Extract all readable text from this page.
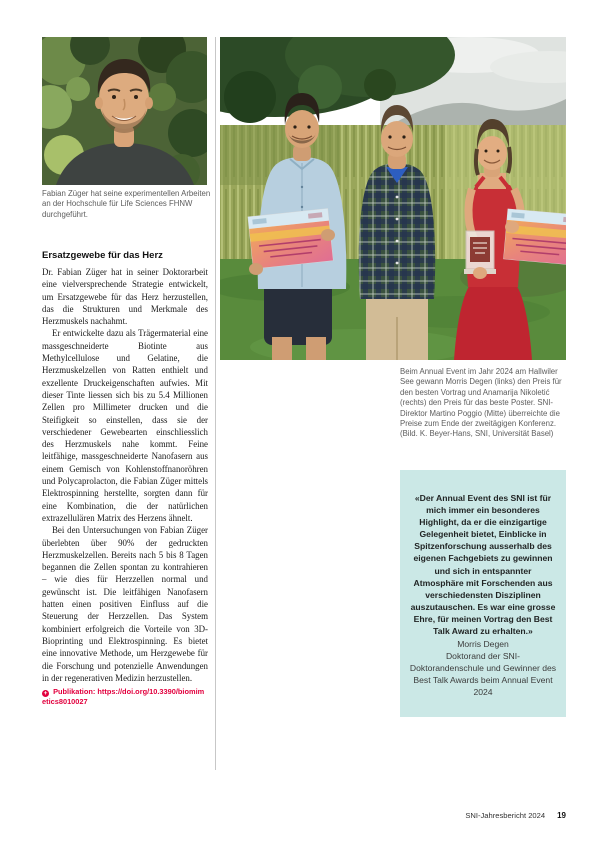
Fabian Züger hat seine experimentellen Arbeiten an der Hochschule für Life Sciences FHNW durchgeführt.
Ersatzgewebe für das Herz

Dr. Fabian Züger hat in seiner Doktorarbeit eine vielversprechende Strategie entwickelt, um Ersatzgewebe für das Herz herzustellen, das die Strukturen und Merkmale des Herzmuskels nachahmt.

Er entwickelte dazu als Trägermaterial eine massgeschneiderte Biotinte aus Methylcellulose und Gelatine, die Herzmuskelzellen von Ratten enthielt und exzellente Druckeigenschaften aufwies. Mit dieser Tinte liessen sich bis zu 5.4 Millionen Zellen pro Millimeter drucken und die Steifigkeit so einstellen, dass sie der verschiedener Gewebearten einschliesslich des Herzmuskels nahe kommt. Feine leitfähige, massgeschneiderte Nanofasern aus einem Gemisch von Kohlenstoffnanoröhren und Polycaprolacton, die Fabian Züger mittels Elektrospinning herstellte, sorgten dann für eine Kombination, die der natürlichen extrazellulären Matrix des Herzens ähnelt.

Bei den Untersuchungen von Fabian Züger überlebten über 90% der gedruckten Herzmuskelzellen. Bereits nach 5 bis 8 Tagen begannen die Zellen spontan zu kontrahieren – wie dies für Herzzellen normal und gewünscht ist. Die leitfähigen Nanofasern hatten einen positiven Einfluss auf die Steuerung der Herzzellen. Das System kombiniert erfolgreich die Vorteile von 3D-Bioprinting und Elektrospinning. Es bietet eine innovative Methode, um Herzgewebe für die Forschung und potenzielle Anwendungen in der regenerativen Medizin herzustellen.

+ Publikation: https://doi.org/10.3390/biomimetics8010027
Beim Annual Event im Jahr 2024 am Hallwiler See gewann Morris Degen (links) den Preis für den besten Vortrag und Anamarija Nikoletić (rechts) den Preis für das beste Poster. SNI-Direktor Martino Poggio (Mitte) überreichte die Preise zum Ende der zweitägigen Konferenz. (Bild. K. Beyer-Hans, SNI, Universität Basel)

«Der Annual Event des SNI ist für mich immer ein besonderes Highlight, da er die einzigartige Gelegenheit bietet, Einblicke in Spitzenforschung ausserhalb des eigenen Fachgebiets zu gewinnen und sich in entspannter Atmosphäre mit Forschenden aus verschiedensten Disziplinen auszutauschen. Es war eine grosse Ehre, für meinen Vortrag den Best Talk Award zu erhalten.»

Morris Degen

Doktorand der SNI-Doktorandenschule und Gewinner des Best Talk Awards beim Annual Event 2024

SNI-Jahresbericht 2024 19
